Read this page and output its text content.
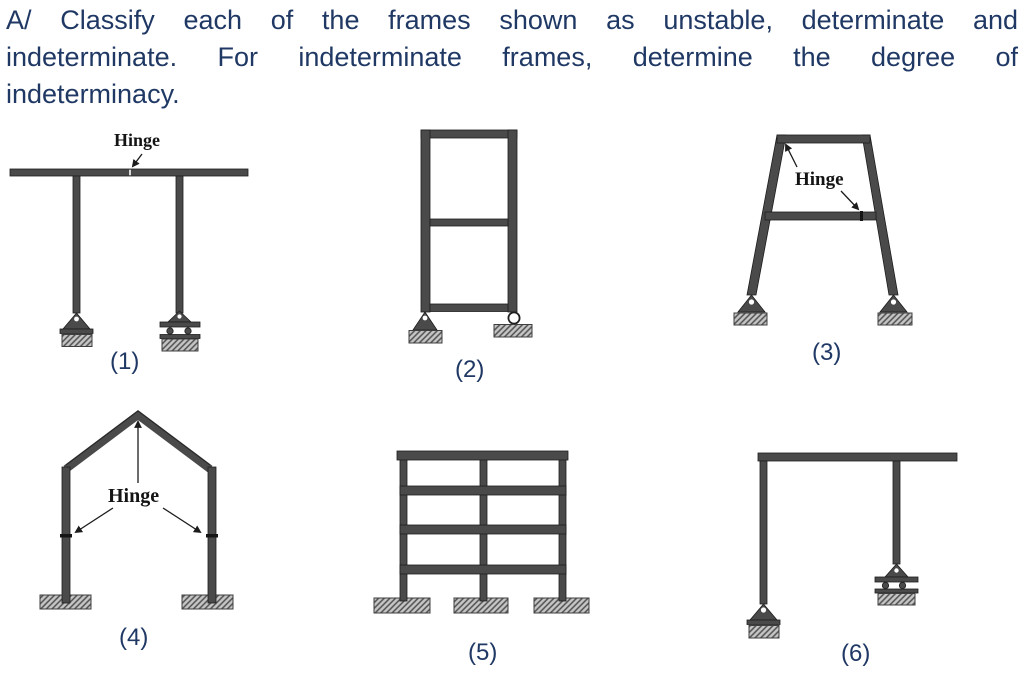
A/ Classify each of the frames shown as unstable, determinate and
indeterminate. For indeterminate frames, determine the degree of
indeterminacy.
Hinge
(1)	(2)
Hinge
(3)
Hinge
(4)
(5)	(6)
